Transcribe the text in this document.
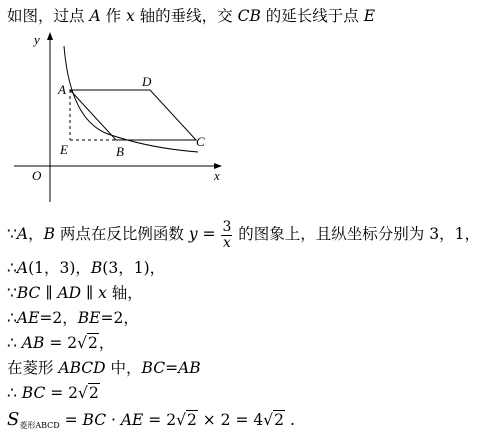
如图，过点 A 作 x 轴的垂线，交 CB 的延长线于点 E
y
x
O
A
D
C
B
E
∵A，B 两点在反比例函数 $y = \frac{3}{x}$ 的图象上，且纵坐标分别为 3，1，
∴A(1，3)，B(3，1)，
∵BC ∥ AD ∥ x 轴，
∴AE=2，BE=2，
∴ AB = 2√2，
在菱形 ABCD 中，BC=AB
∴ BC = 2√2
$S_{菱形ABCD}$ = BC · AE = 2√2 × 2 = 4√2 .
